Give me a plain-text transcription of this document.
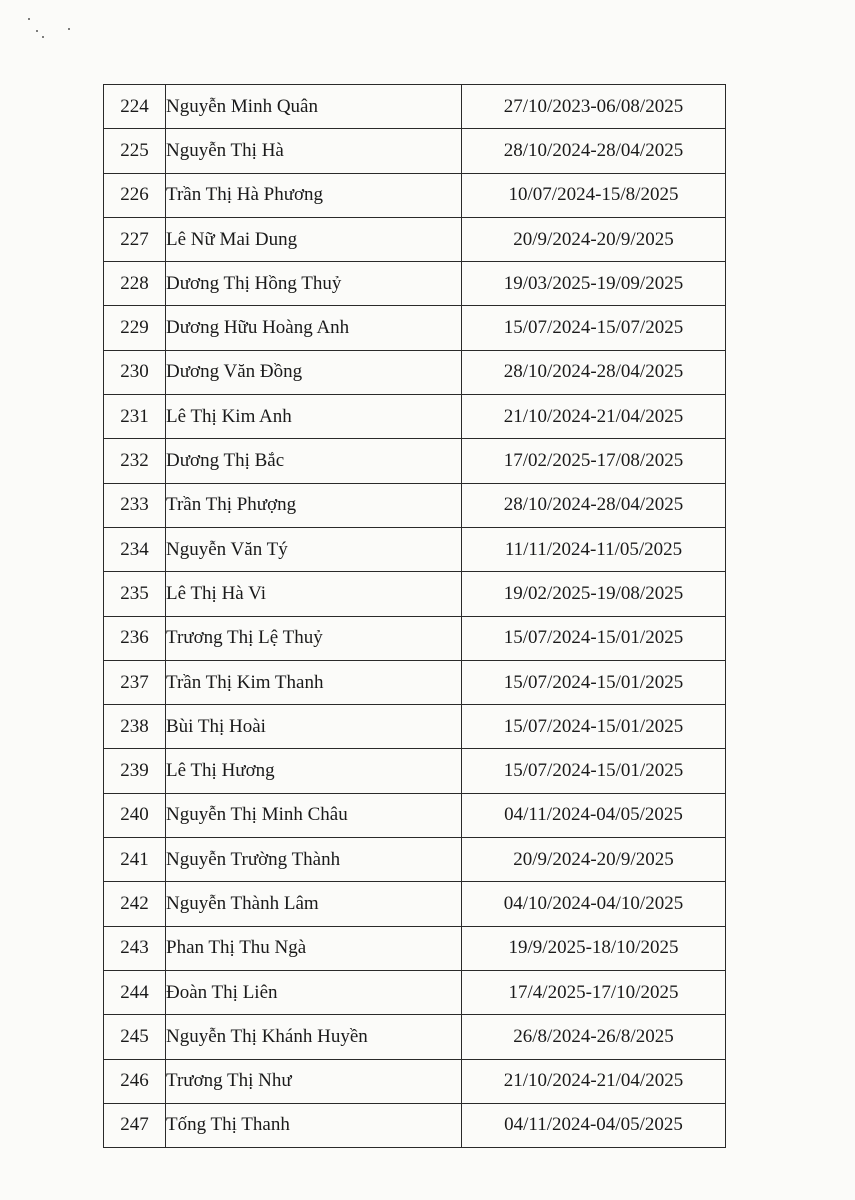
224	Nguyễn Minh Quân	27/10/2023-06/08/2025
225	Nguyễn Thị Hà	28/10/2024-28/04/2025
226	Trần Thị Hà Phương	10/07/2024-15/8/2025
227	Lê Nữ Mai Dung	20/9/2024-20/9/2025
228	Dương Thị Hồng Thuỷ	19/03/2025-19/09/2025
229	Dương Hữu Hoàng Anh	15/07/2024-15/07/2025
230	Dương Văn Đồng	28/10/2024-28/04/2025
231	Lê Thị Kim Anh	21/10/2024-21/04/2025
232	Dương Thị Bắc	17/02/2025-17/08/2025
233	Trần Thị Phượng	28/10/2024-28/04/2025
234	Nguyễn Văn Tý	11/11/2024-11/05/2025
235	Lê Thị Hà Vi	19/02/2025-19/08/2025
236	Trương Thị Lệ Thuỷ	15/07/2024-15/01/2025
237	Trần Thị Kim Thanh	15/07/2024-15/01/2025
238	Bùi Thị Hoài	15/07/2024-15/01/2025
239	Lê Thị Hương	15/07/2024-15/01/2025
240	Nguyễn Thị Minh Châu	04/11/2024-04/05/2025
241	Nguyễn Trường Thành	20/9/2024-20/9/2025
242	Nguyễn Thành Lâm	04/10/2024-04/10/2025
243	Phan Thị Thu Ngà	19/9/2025-18/10/2025
244	Đoàn Thị Liên	17/4/2025-17/10/2025
245	Nguyễn Thị Khánh Huyền	26/8/2024-26/8/2025
246	Trương Thị Như	21/10/2024-21/04/2025
247	Tống Thị Thanh	04/11/2024-04/05/2025
